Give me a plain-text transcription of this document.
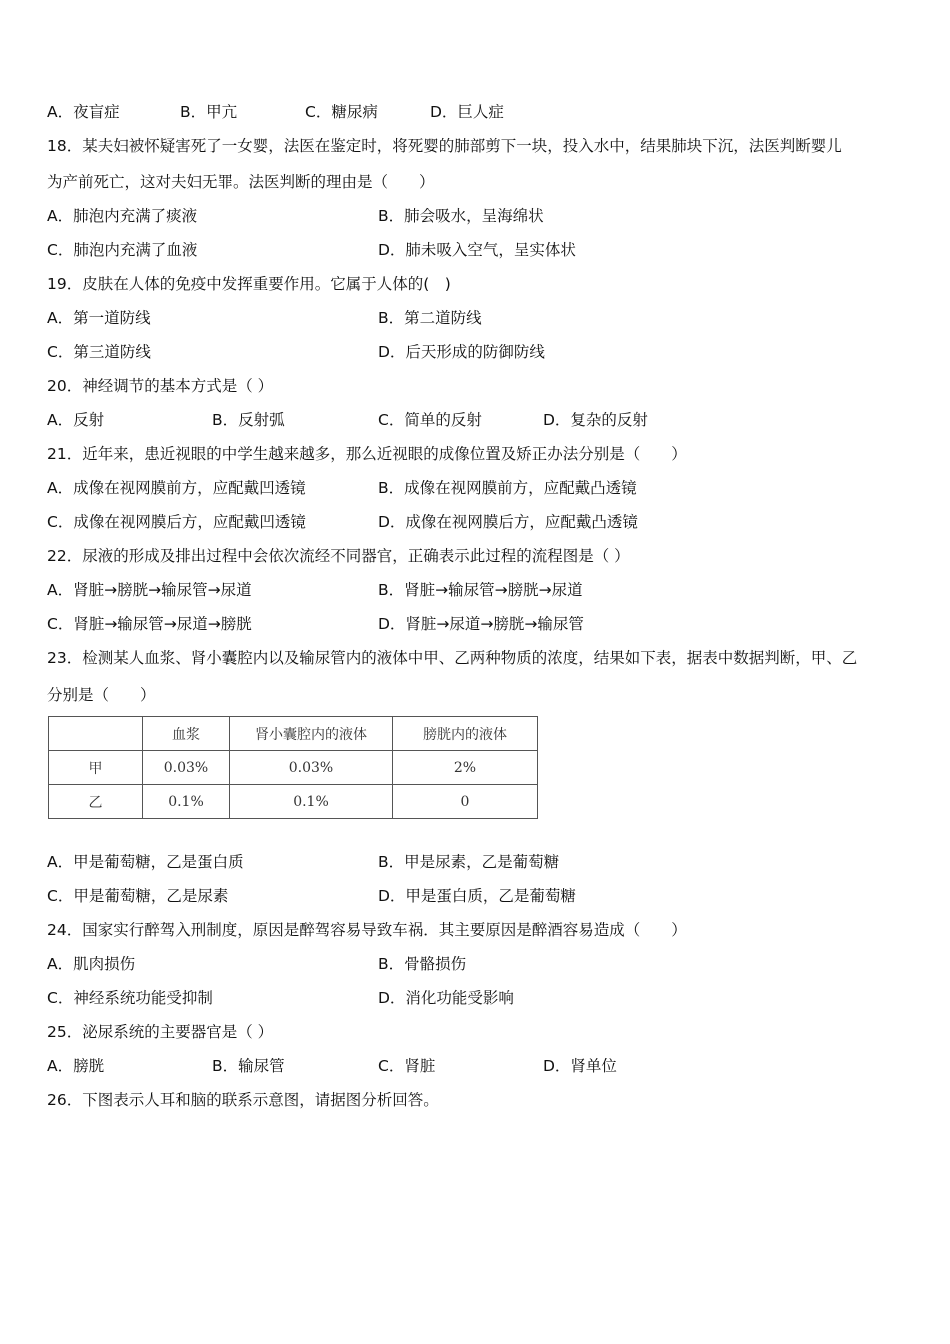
A．夜盲症	B．甲亢	C．糖尿病	D．巨人症
18．某夫妇被怀疑害死了一女婴，法医在鉴定时，将死婴的肺部剪下一块，投入水中，结果肺块下沉，法医判断婴儿
为产前死亡，这对夫妇无罪。法医判断的理由是（　　）
A．肺泡内充满了痰液	B．肺会吸水，呈海绵状
C．肺泡内充满了血液	D．肺未吸入空气，呈实体状
19．皮肤在人体的免疫中发挥重要作用。它属于人体的(　)
A．第一道防线	B．第二道防线
C．第三道防线	D．后天形成的防御防线
20．神经调节的基本方式是（ ）
A．反射	B．反射弧	C．简单的反射	D．复杂的反射
21．近年来，患近视眼的中学生越来越多，那么近视眼的成像位置及矫正办法分别是（　　）
A．成像在视网膜前方，应配戴凹透镜	B．成像在视网膜前方，应配戴凸透镜
C．成像在视网膜后方，应配戴凹透镜	D．成像在视网膜后方，应配戴凸透镜
22．尿液的形成及排出过程中会依次流经不同器官，正确表示此过程的流程图是（ ）
A．肾脏→膀胱→输尿管→尿道	B．肾脏→输尿管→膀胱→尿道
C．肾脏→输尿管→尿道→膀胱	D．肾脏→尿道→膀胱→输尿管
23．检测某人血浆、肾小囊腔内以及输尿管内的液体中甲、乙两种物质的浓度，结果如下表，据表中数据判断，甲、乙
分别是（　　）
	血浆	肾小囊腔内的液体	膀胱内的液体
甲	0.03%	0.03%	2%
乙	0.1%	0.1%	0
A．甲是葡萄糖，乙是蛋白质	B．甲是尿素，乙是葡萄糖
C．甲是葡萄糖，乙是尿素	D．甲是蛋白质，乙是葡萄糖
24．国家实行醉驾入刑制度，原因是醉驾容易导致车祸．其主要原因是醉酒容易造成（　　）
A．肌肉损伤	B．骨骼损伤
C．神经系统功能受抑制	D．消化功能受影响
25．泌尿系统的主要器官是（ ）
A．膀胱	B．输尿管	C．肾脏	D．肾单位
26．下图表示人耳和脑的联系示意图，请据图分析回答。
